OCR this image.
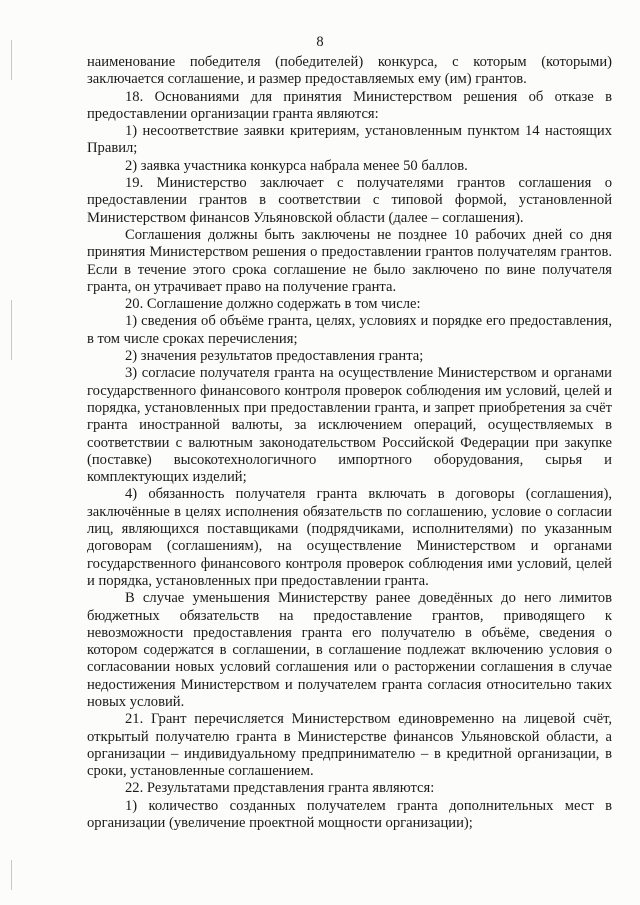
8

наименование победителя (победителей) конкурса, с которым (которыми) заключается соглашение, и размер предоставляемых ему (им) грантов.

18. Основаниями для принятия Министерством решения об отказе в предоставлении организации гранта являются:

1) несоответствие заявки критериям, установленным пунктом 14 настоящих Правил;

2) заявка участника конкурса набрала менее 50 баллов.

19. Министерство заключает с получателями грантов соглашения о предоставлении грантов в соответствии с типовой формой, установленной Министерством финансов Ульяновской области (далее – соглашения).

Соглашения должны быть заключены не позднее 10 рабочих дней со дня принятия Министерством решения о предоставлении грантов получателям грантов. Если в течение этого срока соглашение не было заключено по вине получателя гранта, он утрачивает право на получение гранта.

20. Соглашение должно содержать в том числе:

1) сведения об объёме гранта, целях, условиях и порядке его предоставления, в том числе сроках перечисления;

2) значения результатов предоставления гранта;

3) согласие получателя гранта на осуществление Министерством и органами государственного финансового контроля проверок соблюдения им условий, целей и порядка, установленных при предоставлении гранта, и запрет приобретения за счёт гранта иностранной валюты, за исключением операций, осуществляемых в соответствии с валютным законодательством Российской Федерации при закупке (поставке) высокотехнологичного импортного оборудования, сырья и комплектующих изделий;

4) обязанность получателя гранта включать в договоры (соглашения), заключённые в целях исполнения обязательств по соглашению, условие о согласии лиц, являющихся поставщиками (подрядчиками, исполнителями) по указанным договорам (соглашениям), на осуществление Министерством и органами государственного финансового контроля проверок соблюдения ими условий, целей и порядка, установленных при предоставлении гранта.

В случае уменьшения Министерству ранее доведённых до него лимитов бюджетных обязательств на предоставление грантов, приводящего к невозможности предоставления гранта его получателю в объёме, сведения о котором содержатся в соглашении, в соглашение подлежат включению условия о согласовании новых условий соглашения или о расторжении соглашения в случае недостижения Министерством и получателем гранта согласия относительно таких новых условий.

21. Грант перечисляется Министерством единовременно на лицевой счёт, открытый получателю гранта в Министерстве финансов Ульяновской области, а организации – индивидуальному предпринимателю – в кредитной организации, в сроки, установленные соглашением.

22. Результатами представления гранта являются:

1) количество созданных получателем гранта дополнительных мест в организации (увеличение проектной мощности организации);
